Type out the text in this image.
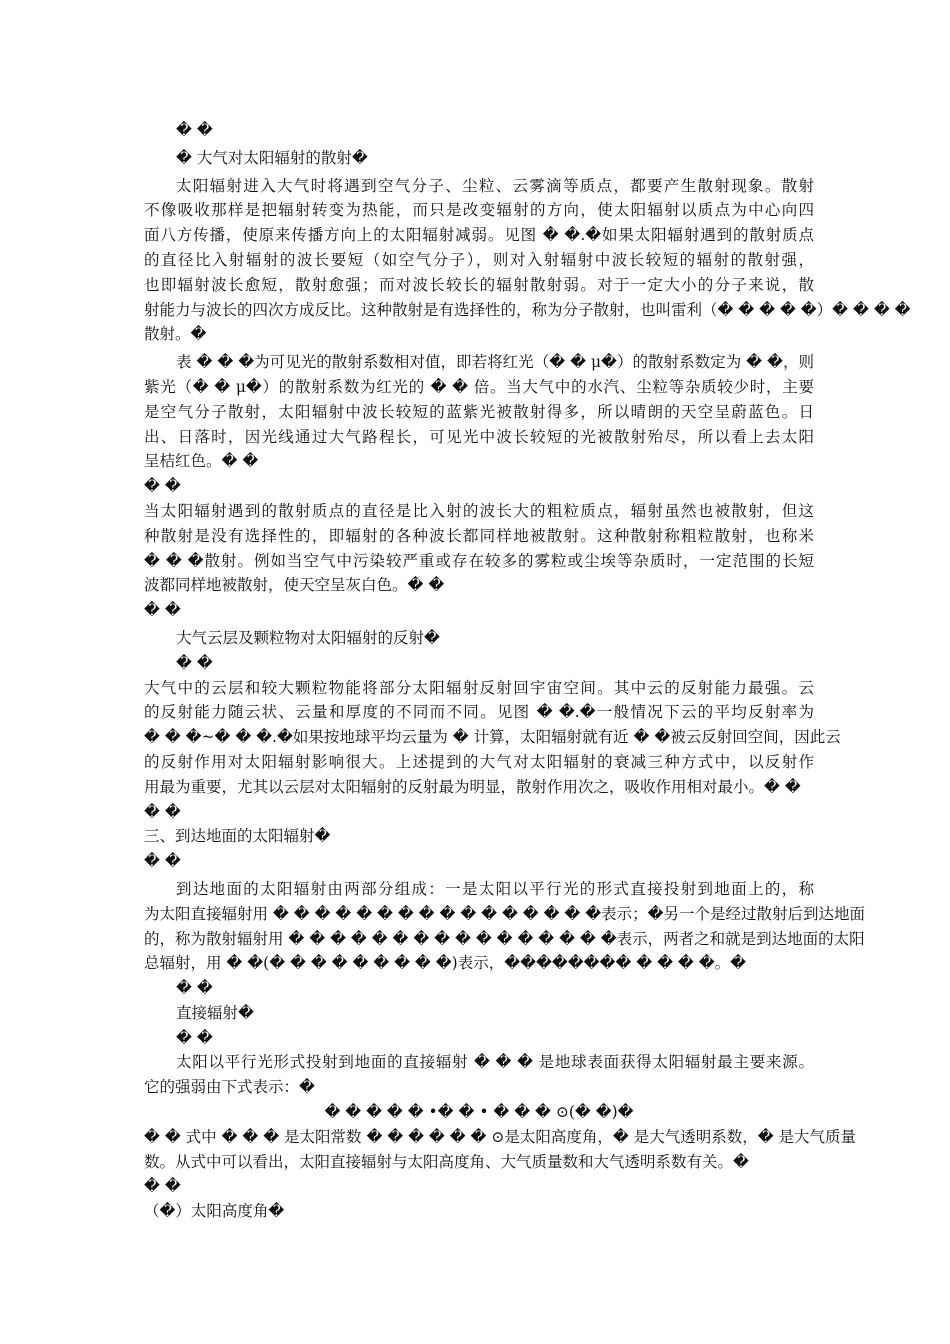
� �
� 大气对太阳辐射的散射�
太阳辐射进入大气时将遇到空气分子、尘粒、云雾滴等质点，都要产生散射现象。散射
不像吸收那样是把辐射转变为热能，而只是改变辐射的方向，使太阳辐射以质点为中心向四
面八方传播，使原来传播方向上的太阳辐射减弱。见图 � �.�如果太阳辐射遇到的散射质点
的直径比入射辐射的波长要短（如空气分子），则对入射辐射中波长较短的辐射的散射强，
也即辐射波长愈短，散射愈强；而对波长较长的辐射散射弱。对于一定大小的分子来说，散
射能力与波长的四次方成反比。这种散射是有选择性的，称为分子散射，也叫雷利（� � � � �）� � � �
散射。�
表 � � �为可见光的散射系数相对值，即若将红光（� � μ�）的散射系数定为 � �，则
紫光（� � μ�）的散射系数为红光的 � � 倍。当大气中的水汽、尘粒等杂质较少时，主要
是空气分子散射，太阳辐射中波长较短的蓝紫光被散射得多，所以晴朗的天空呈蔚蓝色。日
出、日落时，因光线通过大气路程长，可见光中波长较短的光被散射殆尽，所以看上去太阳
呈桔红色。� �
� �
当太阳辐射遇到的散射质点的直径是比入射的波长大的粗粒质点，辐射虽然也被散射，但这
种散射是没有选择性的，即辐射的各种波长都同样地被散射。这种散射称粗粒散射，也称米
� � �散射。例如当空气中污染较严重或存在较多的雾粒或尘埃等杂质时，一定范围的长短
波都同样地被散射，使天空呈灰白色。� �
� �
大气云层及颗粒物对太阳辐射的反射�
� �
大气中的云层和较大颗粒物能将部分太阳辐射反射回宇宙空间。其中云的反射能力最强。云
的反射能力随云状、云量和厚度的不同而不同。见图 � �.�一般情况下云的平均反射率为
� � �~� � �.�如果按地球平均云量为 � 计算，太阳辐射就有近 � �被云反射回空间，因此云
的反射作用对太阳辐射影响很大。上述提到的大气对太阳辐射的衰减三种方式中，以反射作
用最为重要，尤其以云层对太阳辐射的反射最为明显，散射作用次之，吸收作用相对最小。� �
� �
三、到达地面的太阳辐射�
� �
到达地面的太阳辐射由两部分组成：一是太阳以平行光的形式直接投射到地面上的，称
为太阳直接辐射用 � � � � � � � � � � � � � � � �表示；�另一个是经过散射后到达地面
的，称为散射辐射用 � � � � � � � � � � � � � � � �表示，两者之和就是到达地面的太阳
总辐射，用 � �(� � � � � � � � �)表示，�������� � � � �。�
� �
直接辐射�
� �
太阳以平行光形式投射到地面的直接辐射 � � � 是地球表面获得太阳辐射最主要来源。
它的强弱由下式表示：�
� � � � � •� � • � � � ⊙(� �)�
� � 式中 � � � 是太阳常数 � � � � � � ⊙是太阳高度角，� 是大气透明系数，� 是大气质量
数。从式中可以看出，太阳直接辐射与太阳高度角、大气质量数和大气透明系数有关。�
� �
（�）太阳高度角�
